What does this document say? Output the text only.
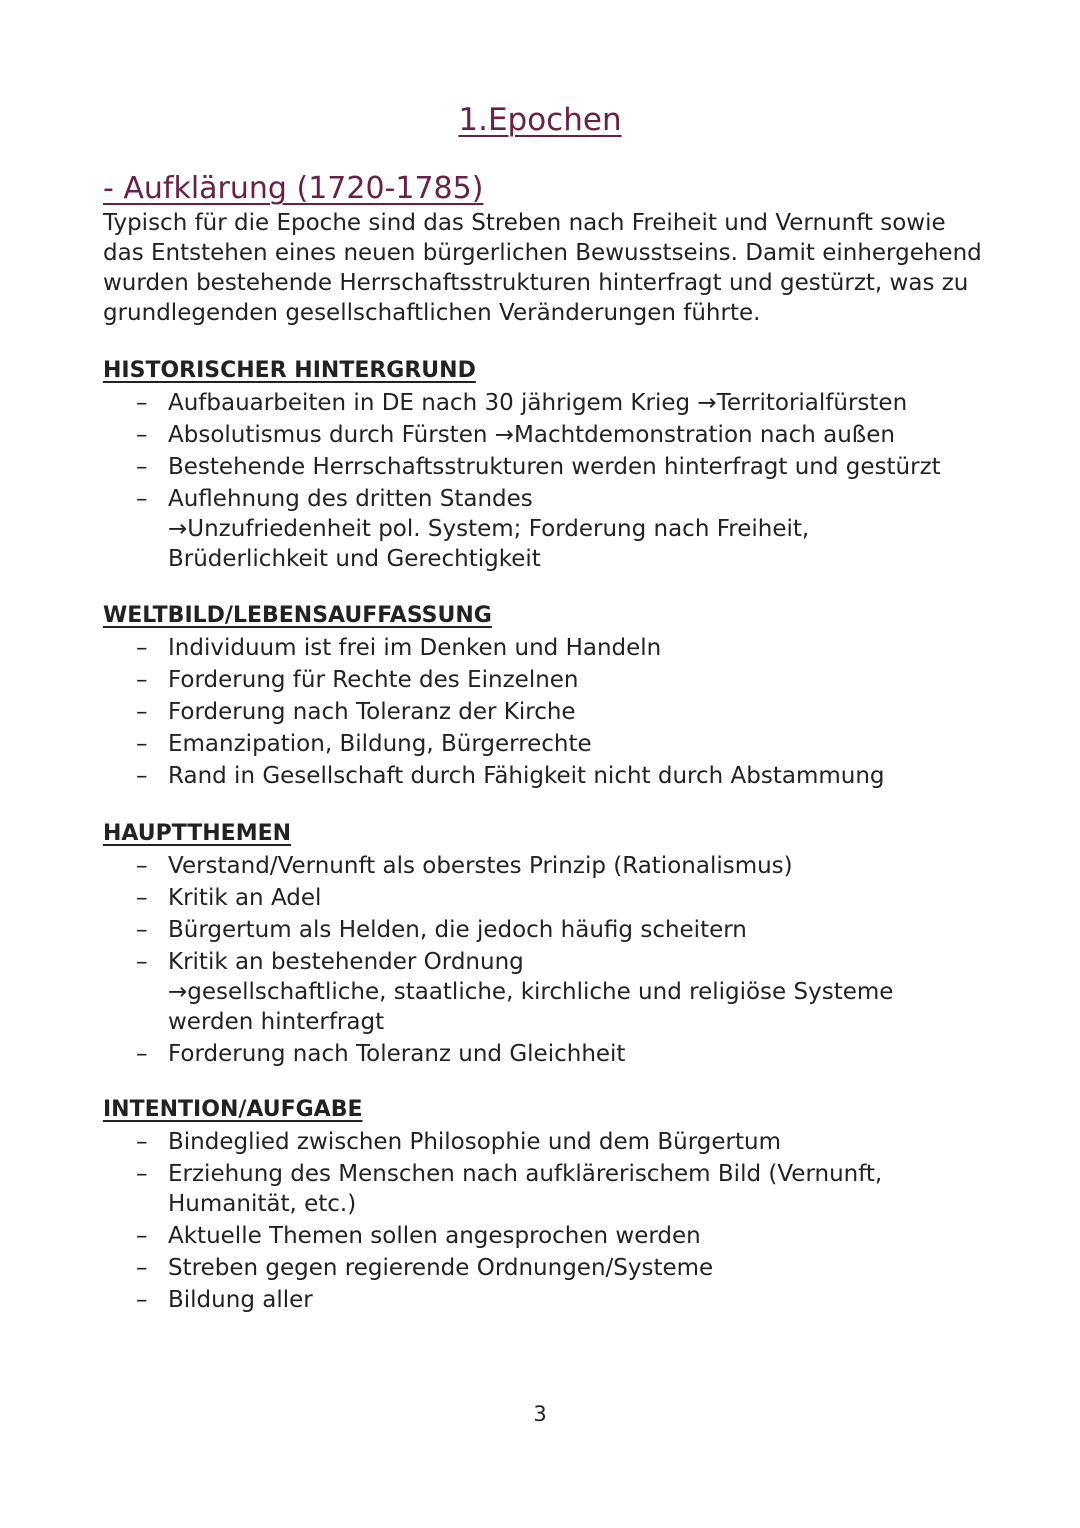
1.Epochen
- Aufklärung (1720-1785)

Typisch für die Epoche sind das Streben nach Freiheit und Vernunft sowie
das Entstehen eines neuen bürgerlichen Bewusstseins. Damit einhergehend
wurden bestehende Herrschaftsstrukturen hinterfragt und gestürzt, was zu
grundlegenden gesellschaftlichen Veränderungen führte.

HISTORISCHER HINTERGRUND
– Aufbauarbeiten in DE nach 30 jährigem Krieg →Territorialfürsten
– Absolutismus durch Fürsten →Machtdemonstration nach außen
– Bestehende Herrschaftsstrukturen werden hinterfragt und gestürzt
– Auflehnung des dritten Standes
→Unzufriedenheit pol. System; Forderung nach Freiheit,
Brüderlichkeit und Gerechtigkeit
WELTBILD/LEBENSAUFFASSUNG
– Individuum ist frei im Denken und Handeln
– Forderung für Rechte des Einzelnen
– Forderung nach Toleranz der Kirche
– Emanzipation, Bildung, Bürgerrechte
– Rand in Gesellschaft durch Fähigkeit nicht durch Abstammung
HAUPTTHEMEN
– Verstand/Vernunft als oberstes Prinzip (Rationalismus)
– Kritik an Adel
– Bürgertum als Helden, die jedoch häufig scheitern
– Kritik an bestehender Ordnung
→gesellschaftliche, staatliche, kirchliche und religiöse Systeme
werden hinterfragt
– Forderung nach Toleranz und Gleichheit
INTENTION/AUFGABE
– Bindeglied zwischen Philosophie und dem Bürgertum
– Erziehung des Menschen nach aufklärerischem Bild (Vernunft,
Humanität, etc.)
– Aktuelle Themen sollen angesprochen werden
– Streben gegen regierende Ordnungen/Systeme
– Bildung aller
3
